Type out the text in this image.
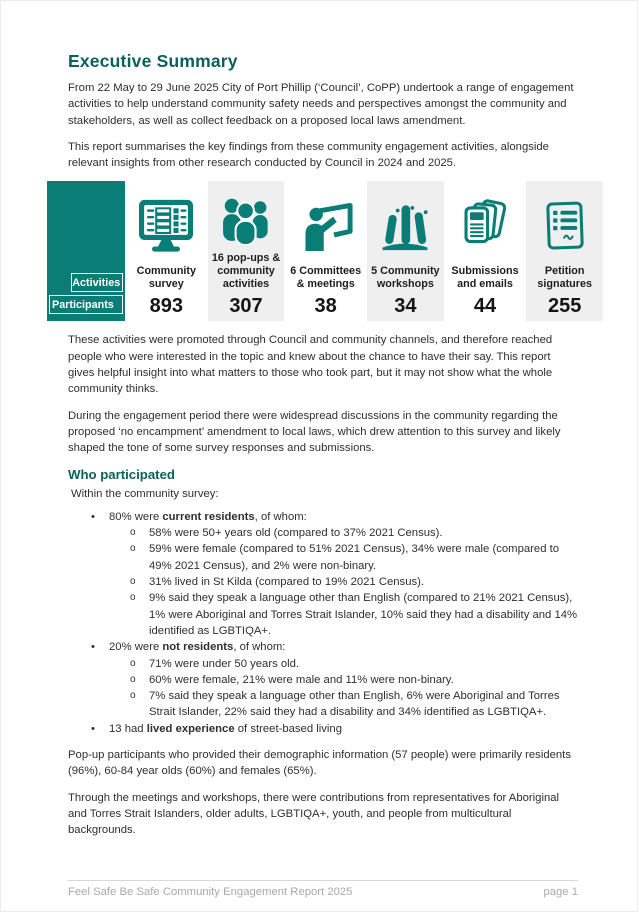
Executive Summary

From 22 May to 29 June 2025 City of Port Phillip (‘Council’, CoPP) undertook a range of engagement activities to help understand community safety needs and perspectives amongst the community and stakeholders, as well as collect feedback on a proposed local laws amendment.

This report summarises the key findings from these community engagement activities, alongside relevant insights from other research conducted by Council in 2024 and 2025.

Activities
Participants
Community survey
893
16 pop-ups & community activities
307
6 Committees & meetings
38
5 Community workshops
34
Submissions and emails
44
Petition signatures
255

These activities were promoted through Council and community channels, and therefore reached people who were interested in the topic and knew about the chance to have their say. This report gives helpful insight into what matters to those who took part, but it may not show what the whole community thinks.

During the engagement period there were widespread discussions in the community regarding the proposed ‘no encampment’ amendment to local laws, which drew attention to this survey and likely shaped the tone of some survey responses and submissions.

Who participated

Within the community survey:

• 80% were current residents, of whom:
o 58% were 50+ years old (compared to 37% 2021 Census).
o 59% were female (compared to 51% 2021 Census), 34% were male (compared to 49% 2021 Census), and 2% were non-binary.
o 31% lived in St Kilda (compared to 19% 2021 Census).
o 9% said they speak a language other than English (compared to 21% 2021 Census), 1% were Aboriginal and Torres Strait Islander, 10% said they had a disability and 14% identified as LGBTIQA+.
• 20% were not residents, of whom:
o 71% were under 50 years old.
o 60% were female, 21% were male and 11% were non-binary.
o 7% said they speak a language other than English, 6% were Aboriginal and Torres Strait Islander, 22% said they had a disability and 34% identified as LGBTIQA+.
• 13 had lived experience of street-based living

Pop-up participants who provided their demographic information (57 people) were primarily residents (96%), 60-84 year olds (60%) and females (65%).

Through the meetings and workshops, there were contributions from representatives for Aboriginal and Torres Strait Islanders, older adults, LGBTIQA+, youth, and people from multicultural backgrounds.

Feel Safe Be Safe Community Engagement Report 2025	page 1
